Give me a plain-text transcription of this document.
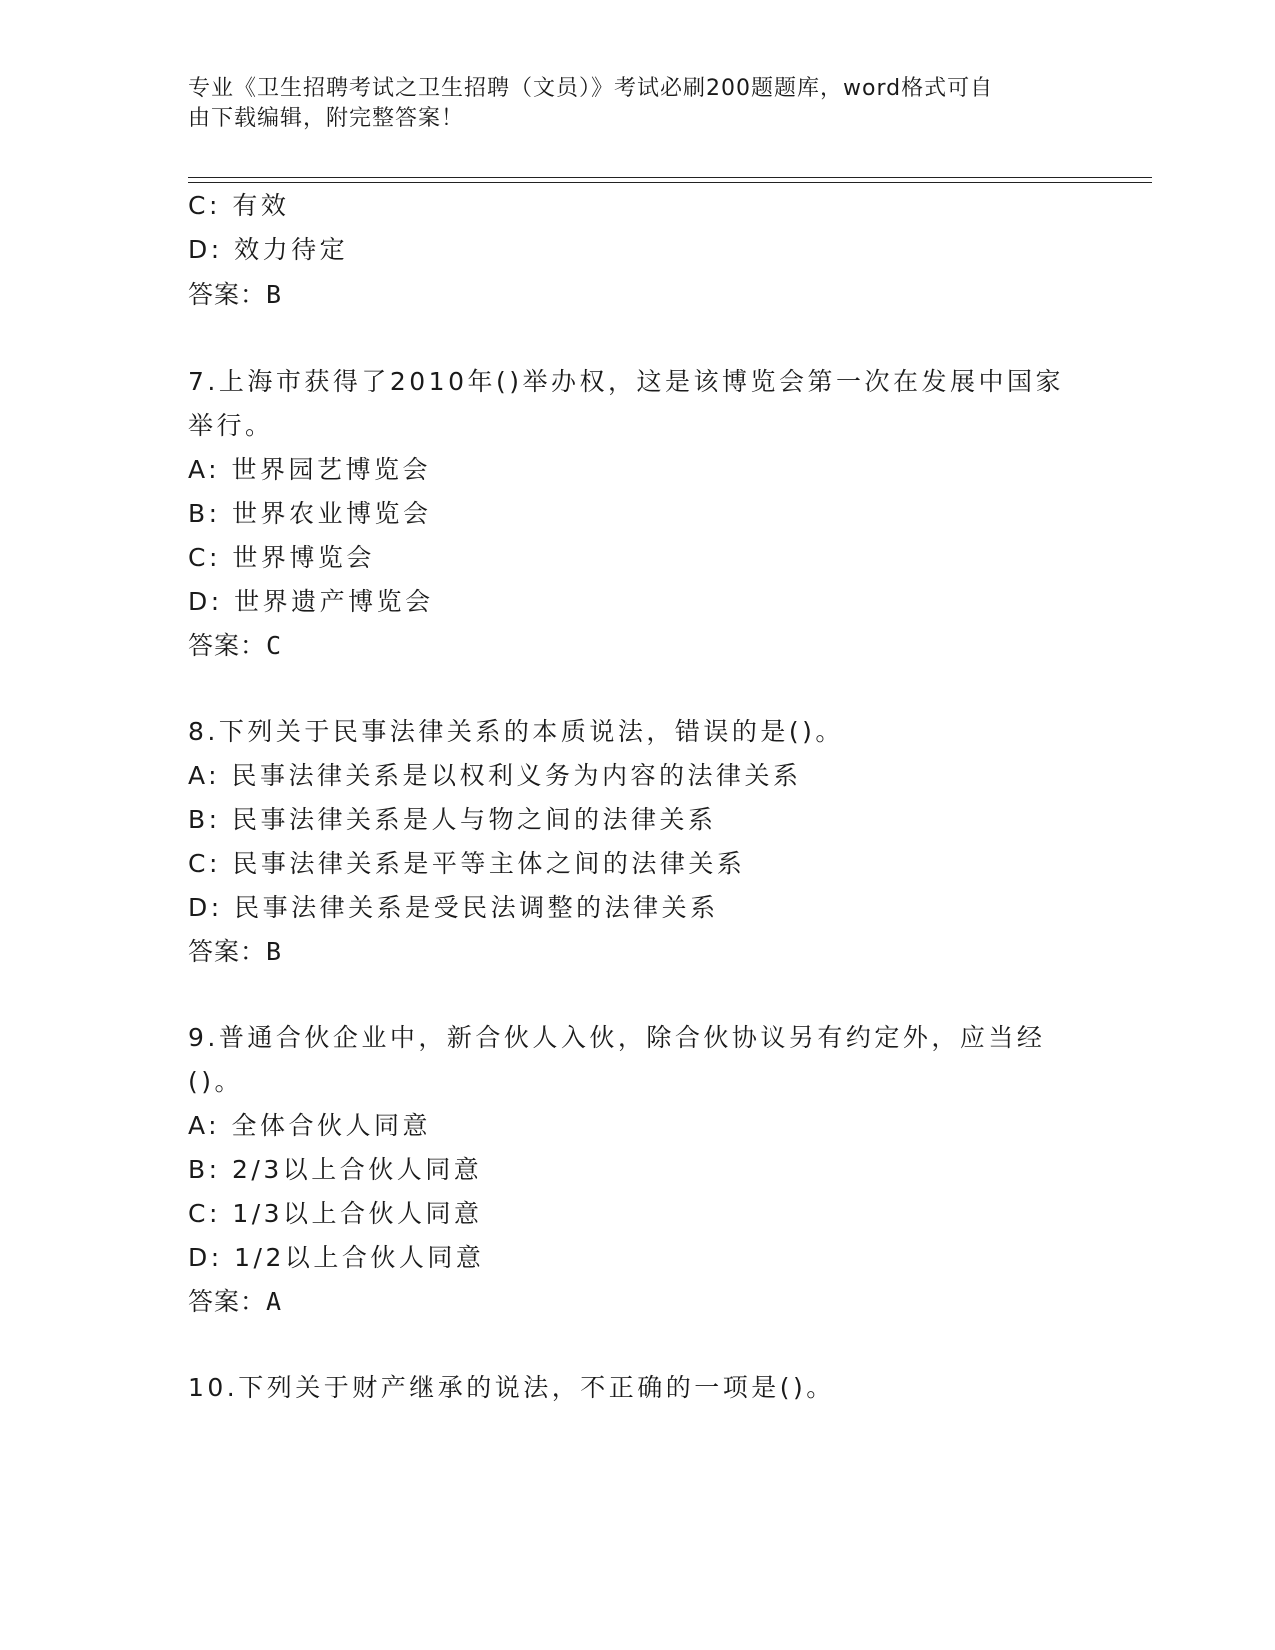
专业《卫生招聘考试之卫生招聘（文员）》考试必刷200题题库，word格式可自
由下载编辑，附完整答案！
C: 有效
D: 效力待定
答案：B
7.上海市获得了2010年()举办权，这是该博览会第一次在发展中国家
举行。
A: 世界园艺博览会
B: 世界农业博览会
C: 世界博览会
D: 世界遗产博览会
答案：C
8.下列关于民事法律关系的本质说法，错误的是()。
A: 民事法律关系是以权利义务为内容的法律关系
B: 民事法律关系是人与物之间的法律关系
C: 民事法律关系是平等主体之间的法律关系
D: 民事法律关系是受民法调整的法律关系
答案：B
9.普通合伙企业中，新合伙人入伙，除合伙协议另有约定外，应当经
()。
A: 全体合伙人同意
B: 2/3以上合伙人同意
C: 1/3以上合伙人同意
D: 1/2以上合伙人同意
答案：A
10.下列关于财产继承的说法，不正确的一项是()。
